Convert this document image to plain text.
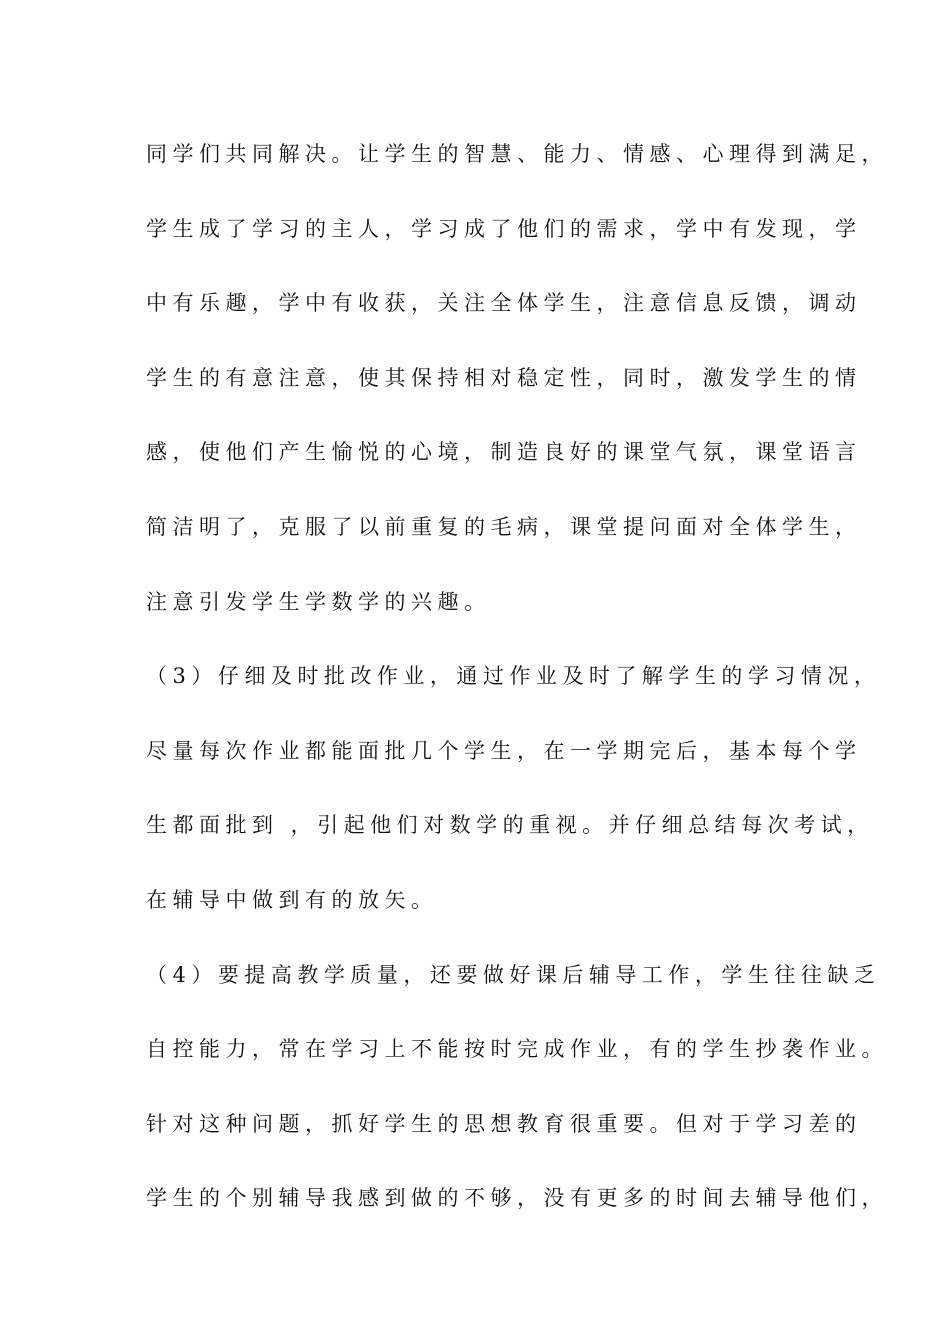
同学们共同解决。让学生的智慧、能力、情感、心理得到满足，
学生成了学习的主人，学习成了他们的需求，学中有发现，学
中有乐趣，学中有收获，关注全体学生，注意信息反馈，调动
学生的有意注意，使其保持相对稳定性，同时，激发学生的情
感，使他们产生愉悦的心境，制造良好的课堂气氛，课堂语言
简洁明了，克服了以前重复的毛病，课堂提问面对全体学生，
注意引发学生学数学的兴趣。
（3）仔细及时批改作业，通过作业及时了解学生的学习情况，
尽量每次作业都能面批几个学生，在一学期完后，基本每个学
生都面批到 ，引起他们对数学的重视。并仔细总结每次考试，
在辅导中做到有的放矢。
（4）要提高教学质量，还要做好课后辅导工作，学生往往缺乏
自控能力，常在学习上不能按时完成作业，有的学生抄袭作业。
针对这种问题，抓好学生的思想教育很重要。但对于学习差的
学生的个别辅导我感到做的不够，没有更多的时间去辅导他们，
